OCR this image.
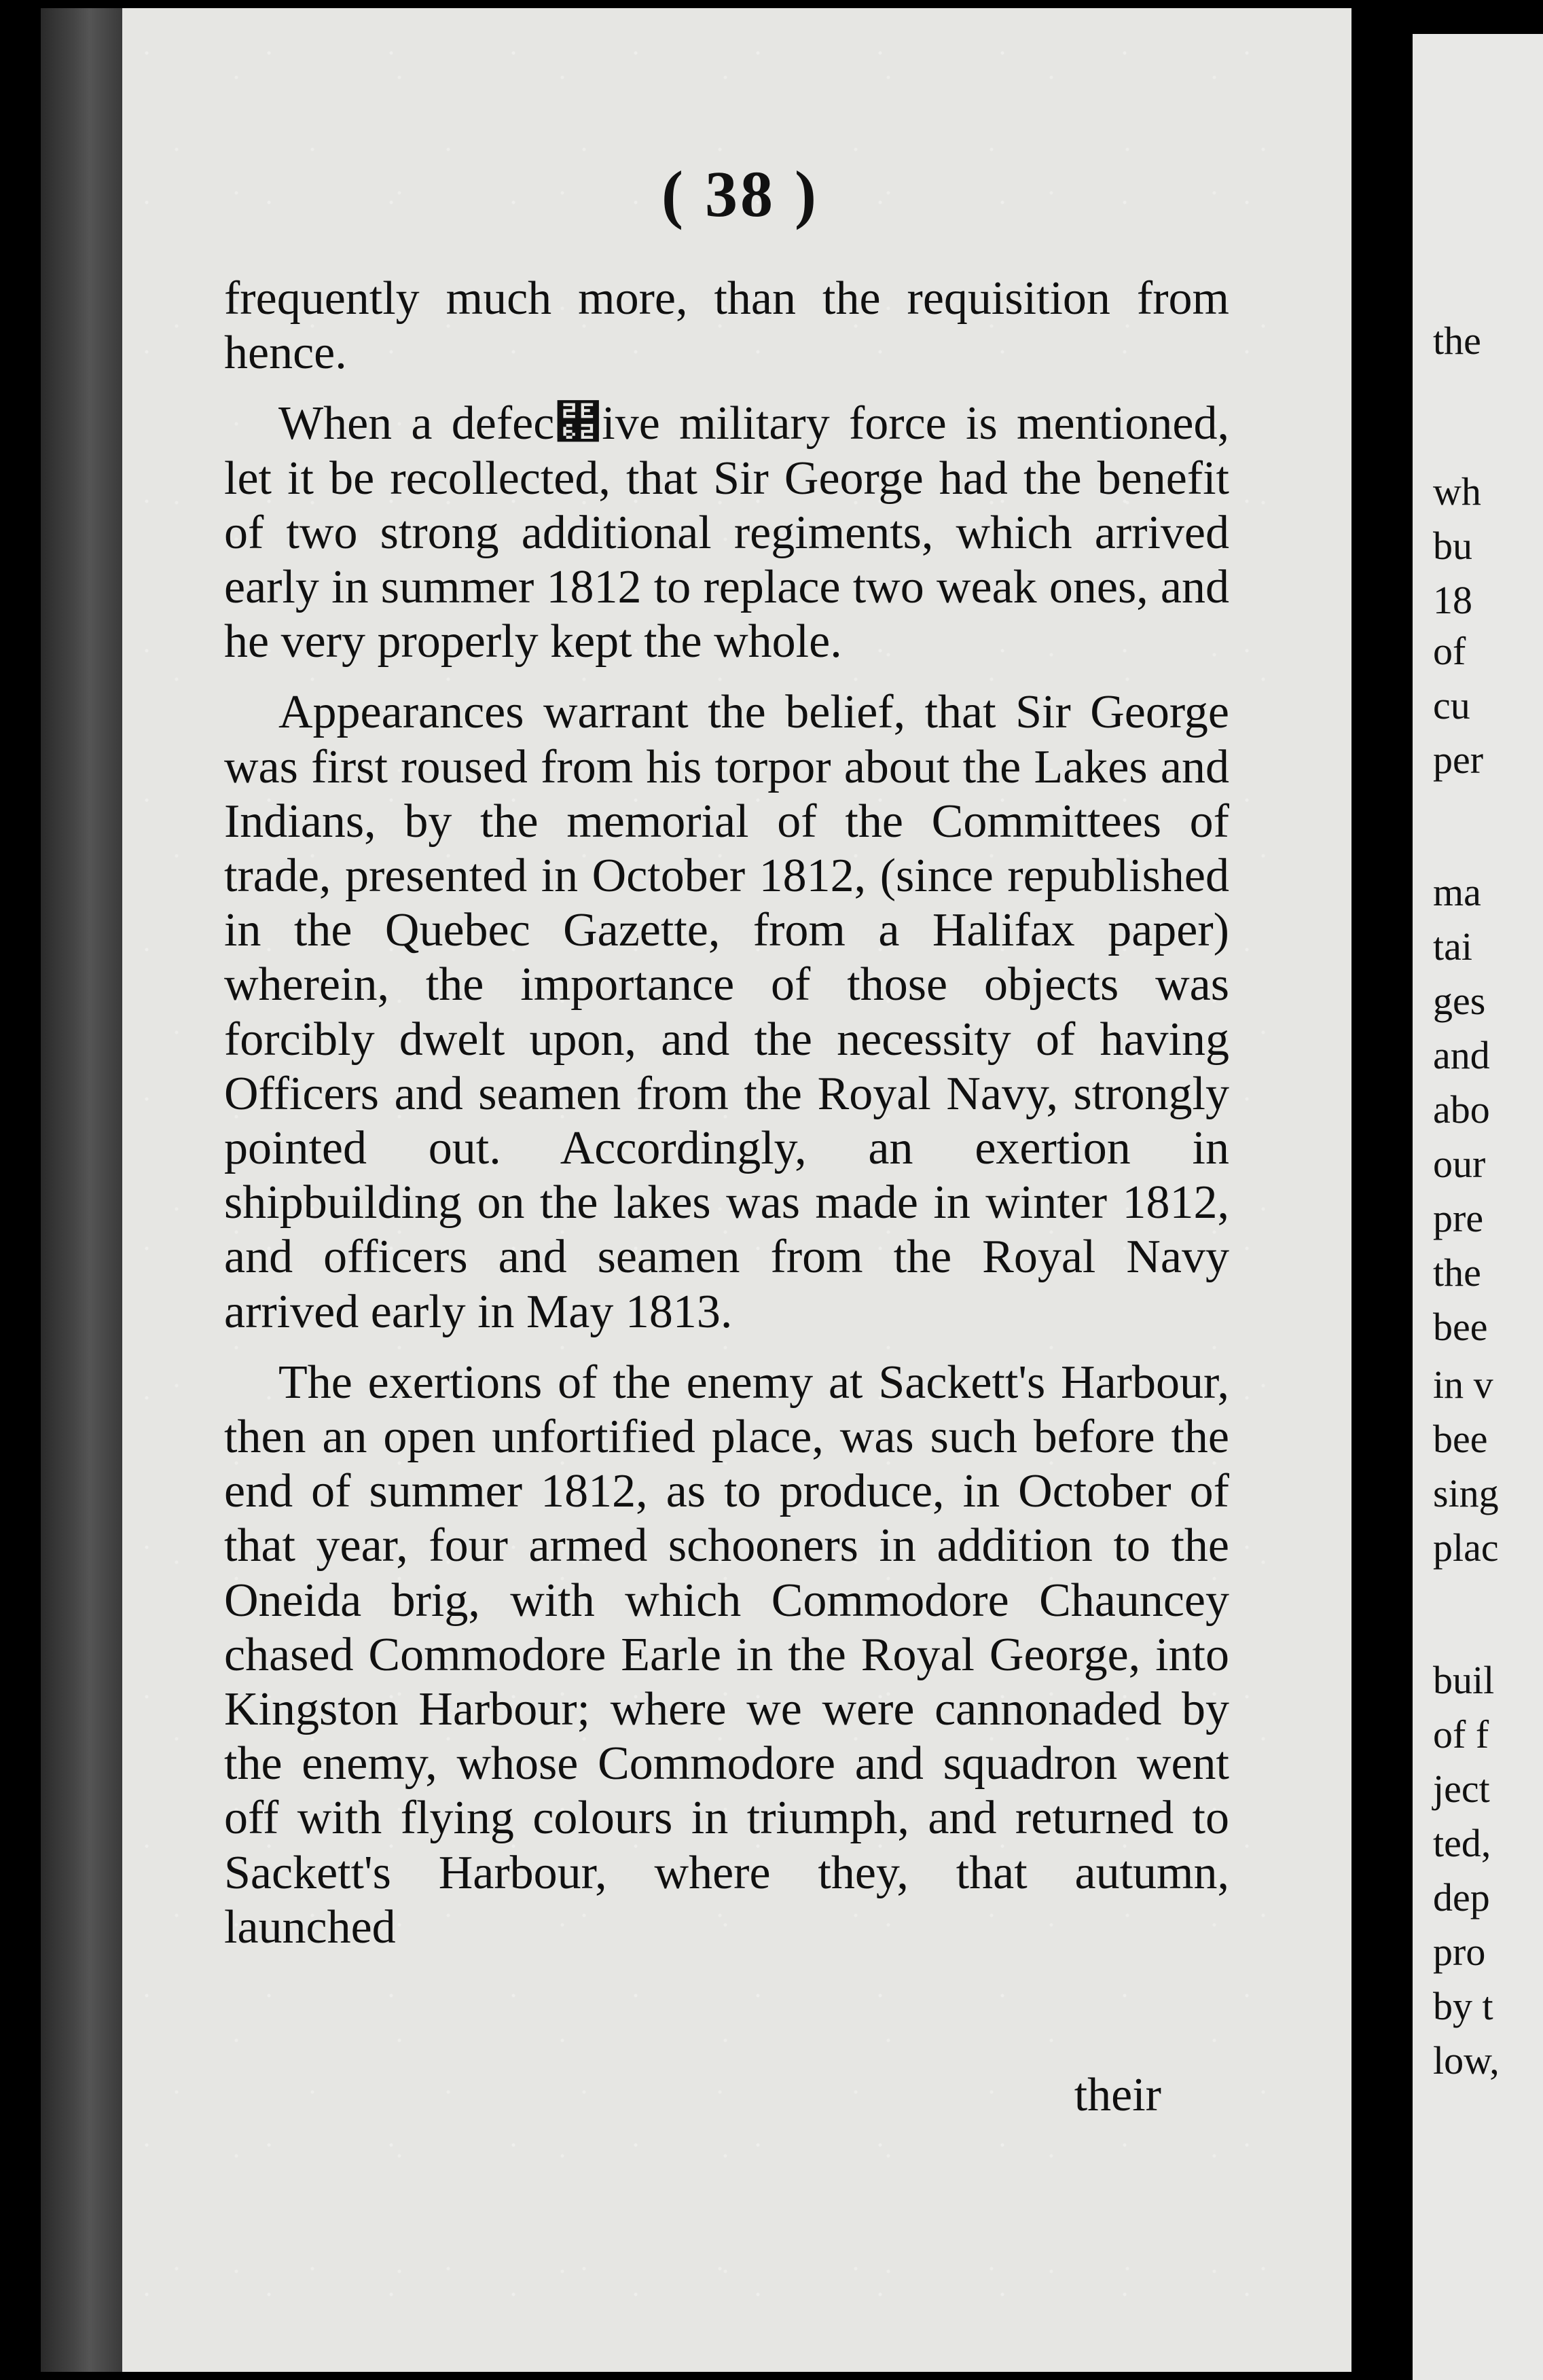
( 38 )

frequently much more, than the requisition from hence.

When a defec⹢ive military force is mentioned, let it be recollected, that Sir George had the benefit of two strong additional regiments, which arrived early in summer 1812 to replace two weak ones, and he very properly kept the whole.

Appearances warrant the belief, that Sir George was first roused from his torpor about the Lakes and Indians, by the memorial of the Committees of trade, presented in October 1812, (since republished in the Quebec Gazette, from a Halifax paper) wherein, the importance of those objects was forcibly dwelt upon, and the necessity of having Officers and seamen from the Royal Navy, strongly pointed out. Accordingly, an exertion in shipbuilding on the lakes was made in winter 1812, and officers and seamen from the Royal Navy arrived early in May 1813.

The exertions of the enemy at Sackett's Harbour, then an open unfortified place, was such before the end of summer 1812, as to produce, in October of that year, four armed schooners in addition to the Oneida brig, with which Commodore Chauncey chased Commodore Earle in the Royal George, into Kingston Harbour; where we were cannonaded by the enemy, whose Commodore and squadron went off with flying colours in triumph, and returned to Sackett's Harbour, where they, that autumn, launched

their
the
wh
bu
18
of
cu
per
ma
tai
ges
and
abo
our
pre
the
bee
in v
bee
sing
plac
buil
of f
ject
ted,
dep
pro
by t
low,
